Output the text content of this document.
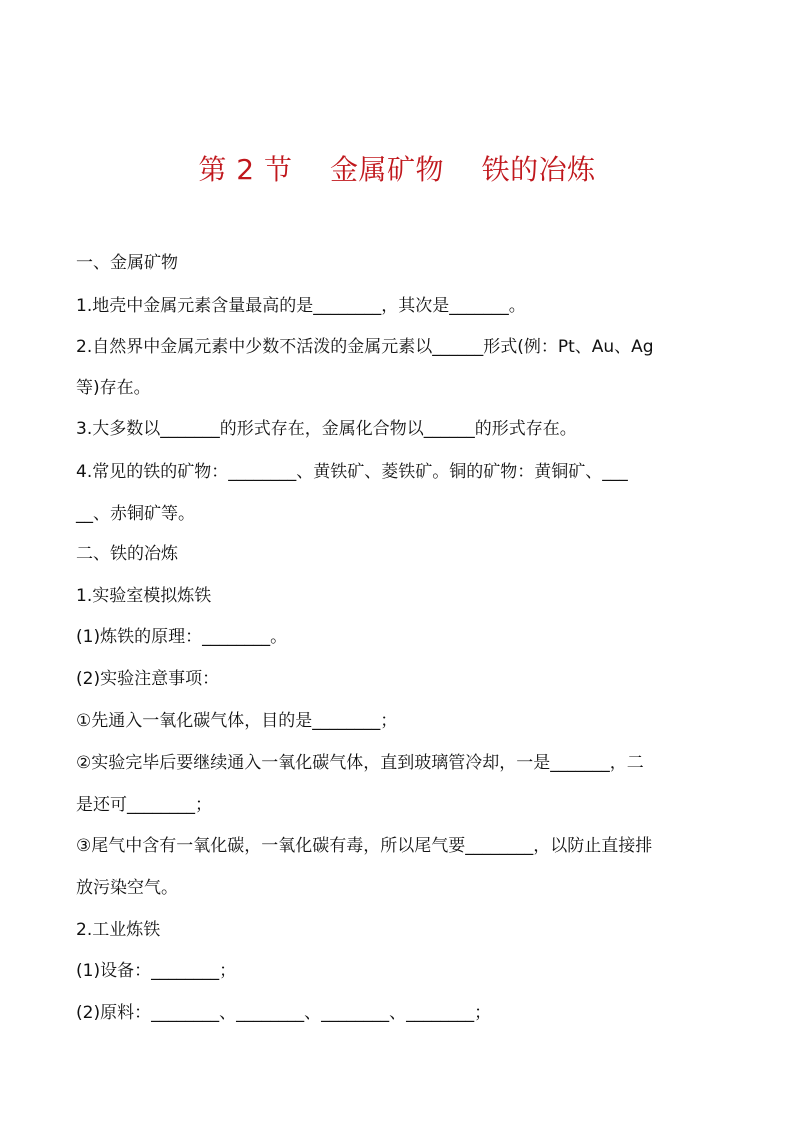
第 2 节    金属矿物    铁的冶炼
一、金属矿物
1.地壳中金属元素含量最高的是________，其次是_______。
2.自然界中金属元素中少数不活泼的金属元素以______形式(例：Pt、Au、Ag
等)存在。
3.大多数以_______的形式存在，金属化合物以______的形式存在。
4.常见的铁的矿物：________、黄铁矿、菱铁矿。铜的矿物：黄铜矿、___
__、赤铜矿等。
二、铁的冶炼
1.实验室模拟炼铁
(1)炼铁的原理：________。
(2)实验注意事项：
①先通入一氧化碳气体，目的是________；
②实验完毕后要继续通入一氧化碳气体，直到玻璃管冷却，一是_______，二
是还可________；
③尾气中含有一氧化碳，一氧化碳有毒，所以尾气要________，以防止直接排
放污染空气。
2.工业炼铁
(1)设备：________；
(2)原料：________、________、________、________；
